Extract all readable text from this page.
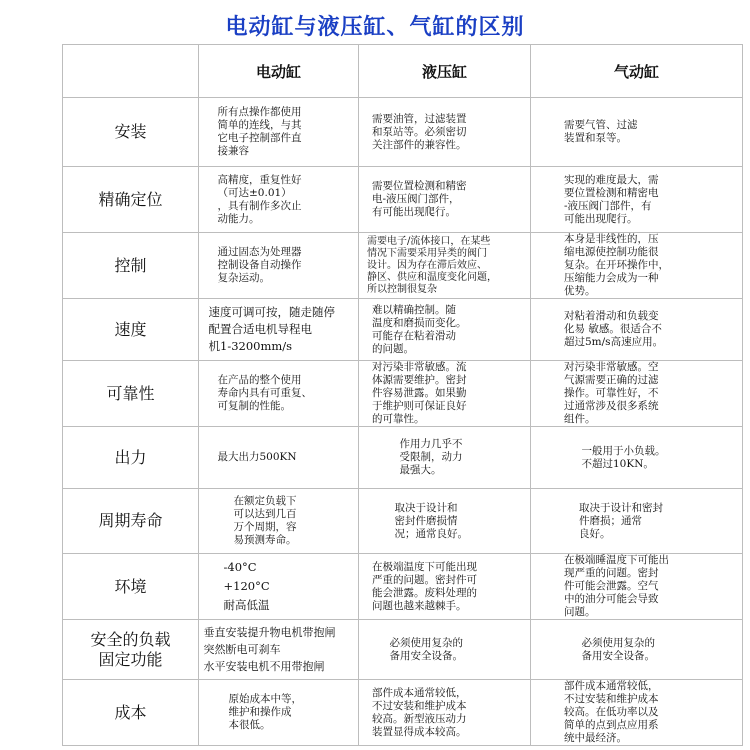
电动缸与液压缸、气缸的区别
	电动缸	液压缸	气动缸
安装	所有点操作都使用
简单的连线，与其
它电子控制部件直
接兼容	需要油管，过滤装置
和泵站等。必须密切
关注部件的兼容性。	需要气管、过滤
装置和泵等。

精确定位	高精度，重复性好
（可达±0.01）
，具有制作多次止
动能力。	需要位置检测和精密
电-液压阀门部件，
有可能出现爬行。	实现的难度最大，需
要位置检测和精密电
-液压阀门部件，有
可能出现爬行。

控制	通过固态为处理器
控制设备自动操作
复杂运动。	需要电子/流体接口，在某些
情况下需要采用异类的阀门
设计。因为存在滞后效应、
静区、供应和温度变化问题，
所以控制很复杂	本身是非线性的，压
缩电源使控制功能很
复杂。在开环操作中，
压缩能力会成为一种
优势。

速度	速度可调可按，随走随停
配置合适电机导程电
机1-3200mm/s	难以精确控制。随
温度和磨损而变化。
可能存在粘着滑动
的问题。	对粘着滑动和负载变
化易 敏感。很适合不
超过5m/s高速应用。

可靠性	在产品的整个使用
寿命内具有可重复、
可复制的性能。	对污染非常敏感。流
体源需要维护。密封
件容易泄露。如果勤
于维护则可保证良好
的可靠性。	对污染非常敏感。空
气源需要正确的过滤
操作。可靠性好，不
过通常涉及很多系统
组件。

出力	最大出力500KN	作用力几乎不
受限制，动力
最强大。	一般用于小负载。
不超过10KN。

周期寿命	在额定负载下
可以达到几百
万个周期，容
易预测寿命。	取决于设计和
密封件磨损情
况；通常良好。	取决于设计和密封
件磨损；通常
良好。

环境	-40°C
+120°C
耐高低温	在极端温度下可能出现
严重的问题。密封件可
能会泄露。废料处理的
问题也越来越棘手。	在极端睡温度下可能出
现严重的问题。密封
件可能会泄露。空气
中的油分可能会导致
问题。

安全的负载
固定功能	垂直安装提升物电机带抱闸
突然断电可刹车
水平安装电机不用带抱闸	必须使用复杂的
备用安全设备。	必须使用复杂的
备用安全设备。

成本	原始成本中等，
维护和操作成
本很低。	部件成本通常较低，
不过安装和维护成本
较高。新型液压动力
装置显得成本较高。	部件成本通常较低，
不过安装和维护成本
较高。在低功率以及
简单的点到点应用系
统中最经济。
